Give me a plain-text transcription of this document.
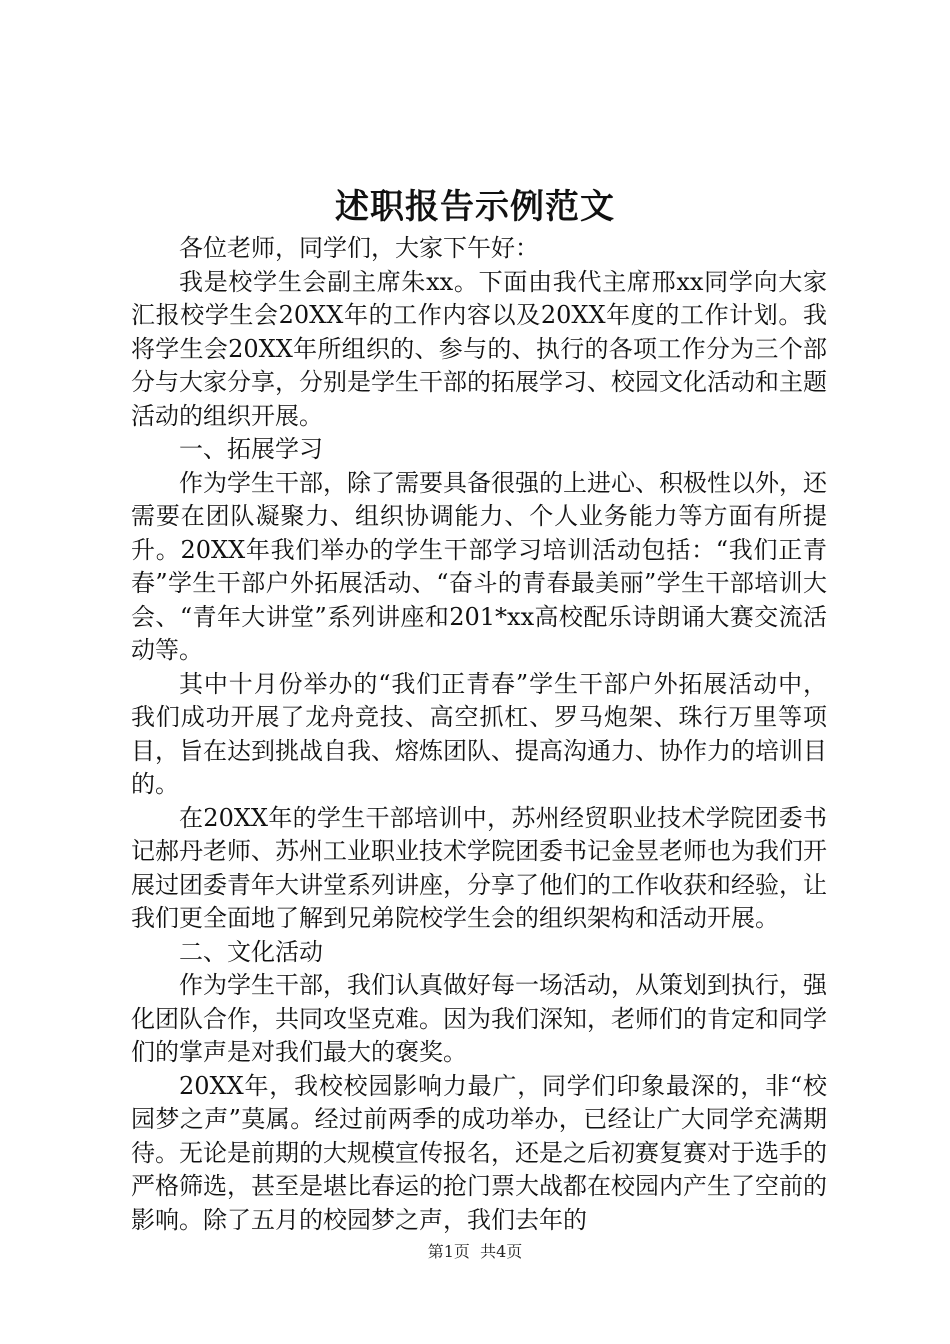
述职报告示例范文

各位老师，同学们，大家下午好：

我是校学生会副主席朱xx。下面由我代主席邢xx同学向大家汇报校学生会20XX年的工作内容以及20XX年度的工作计划。我将学生会20XX年所组织的、参与的、执行的各项工作分为三个部分与大家分享，分别是学生干部的拓展学习、校园文化活动和主题活动的组织开展。

一、拓展学习

作为学生干部，除了需要具备很强的上进心、积极性以外，还需要在团队凝聚力、组织协调能力、个人业务能力等方面有所提升。20XX年我们举办的学生干部学习培训活动包括：“我们正青春”学生干部户外拓展活动、“奋斗的青春最美丽”学生干部培训大会、“青年大讲堂”系列讲座和201*xx高校配乐诗朗诵大赛交流活动等。

其中十月份举办的“我们正青春”学生干部户外拓展活动中，我们成功开展了龙舟竞技、高空抓杠、罗马炮架、珠行万里等项目，旨在达到挑战自我、熔炼团队、提高沟通力、协作力的培训目的。

在20XX年的学生干部培训中，苏州经贸职业技术学院团委书记郝丹老师、苏州工业职业技术学院团委书记金昱老师也为我们开展过团委青年大讲堂系列讲座，分享了他们的工作收获和经验，让我们更全面地了解到兄弟院校学生会的组织架构和活动开展。

二、文化活动

作为学生干部，我们认真做好每一场活动，从策划到执行，强化团队合作，共同攻坚克难。因为我们深知，老师们的肯定和同学们的掌声是对我们最大的褒奖。

20XX年，我校校园影响力最广，同学们印象最深的，非“校园梦之声”莫属。经过前两季的成功举办，已经让广大同学充满期待。无论是前期的大规模宣传报名，还是之后初赛复赛对于选手的严格筛选，甚至是堪比春运的抢门票大战都在校园内产生了空前的影响。除了五月的校园梦之声，我们去年的

第1页  共4页
